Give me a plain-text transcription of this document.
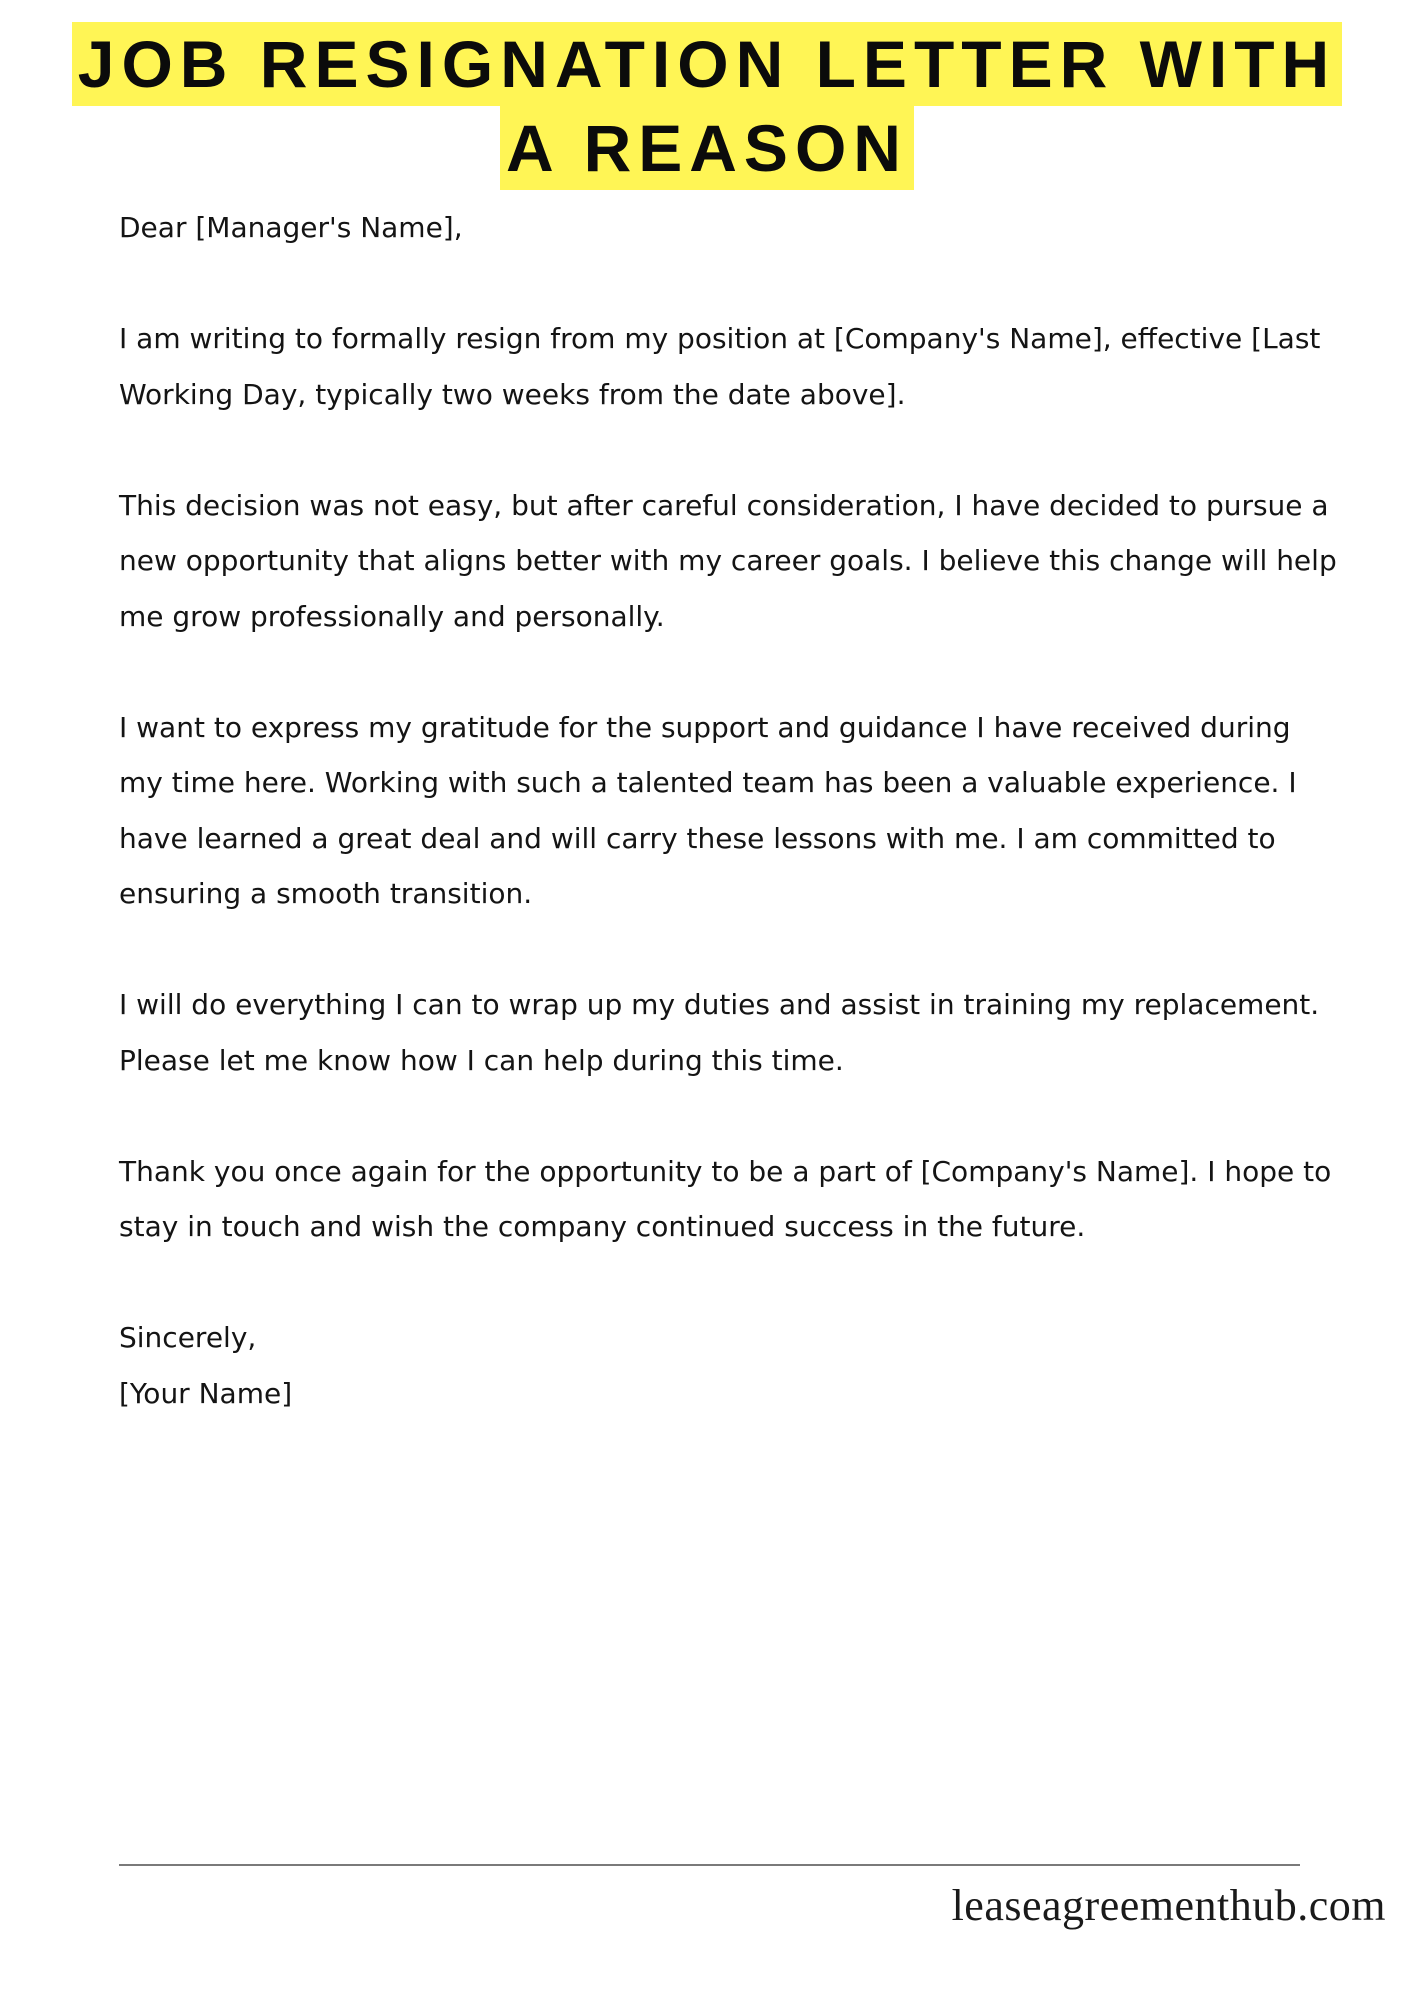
JOB RESIGNATION LETTER WITH
A REASON

Dear [Manager's Name],

I am writing to formally resign from my position at [Company's Name], effective [Last Working Day, typically two weeks from the date above].

This decision was not easy, but after careful consideration, I have decided to pursue a new opportunity that aligns better with my career goals. I believe this change will help me grow professionally and personally.

I want to express my gratitude for the support and guidance I have received during my time here. Working with such a talented team has been a valuable experience. I have learned a great deal and will carry these lessons with me. I am committed to ensuring a smooth transition.

I will do everything I can to wrap up my duties and assist in training my replacement. Please let me know how I can help during this time.

Thank you once again for the opportunity to be a part of [Company's Name]. I hope to stay in touch and wish the company continued success in the future.

Sincerely,

[Your Name]

leaseagreementhub.com
